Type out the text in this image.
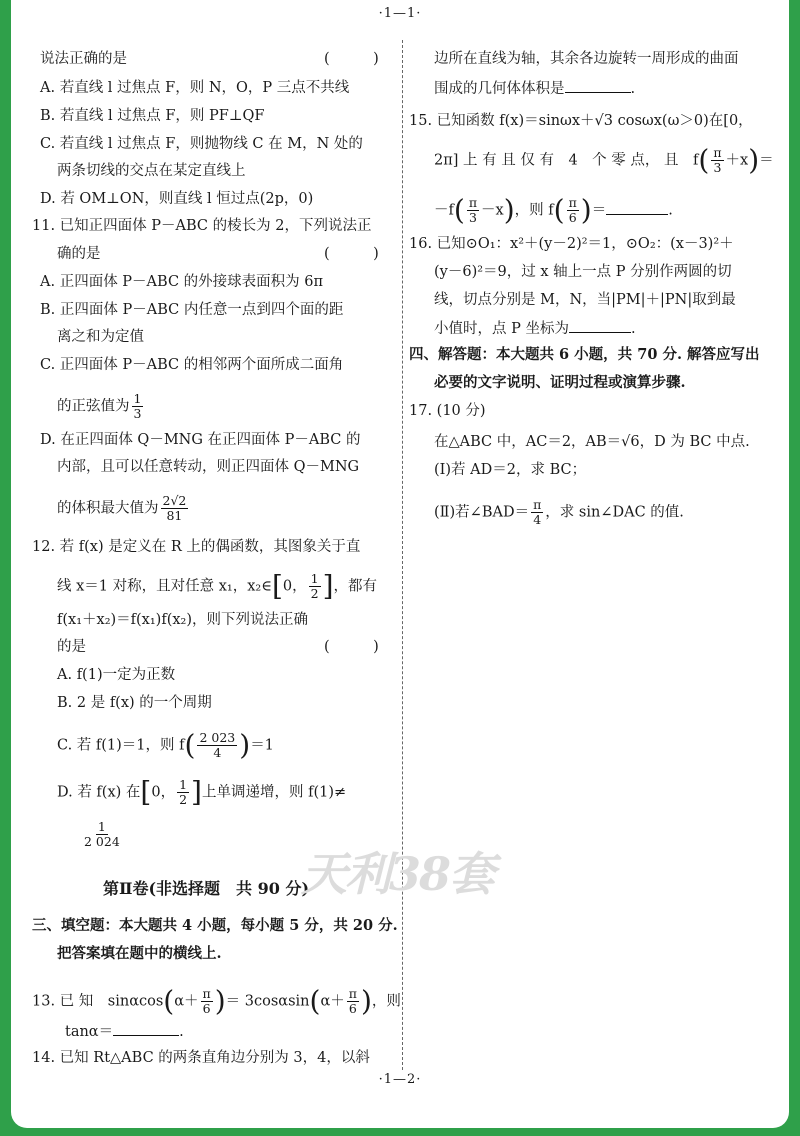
·1—1·
说法正确的是	(　　　)
A. 若直线 l 过焦点 F，则 N，O，P 三点不共线
B. 若直线 l 过焦点 F，则 PF⊥QF
C. 若直线 l 过焦点 F，则抛物线 C 在 M，N 处的
两条切线的交点在某定直线上
D. 若 OM⊥ON，则直线 l 恒过点(2p，0)
11. 已知正四面体 P－ABC 的棱长为 2，下列说法正
确的是	(　　　)
A. 正四面体 P－ABC 的外接球表面积为 6π
B. 正四面体 P－ABC 内任意一点到四个面的距
离之和为定值
C. 正四面体 P－ABC 的相邻两个面所成二面角
的正弦值为 $\frac{1}{3}$
D. 在正四面体 Q－MNG 在正四面体 P－ABC 的
内部，且可以任意转动，则正四面体 Q－MNG
的体积最大值为 $\frac{2√2}{81}$
12. 若 f(x) 是定义在 R 上的偶函数，其图象关于直
线 x＝1 对称，且对任意 x₁，x₂∈[0， $\frac{1}{2}$ ]，都有
f(x₁＋x₂)＝f(x₁)f(x₂)，则下列说法正确
的是	(　　　)
A. f(1)一定为正数
B. 2 是 f(x) 的一个周期
C. 若 f(1)＝1，则 $f( \frac{2 023}{4} )=1$
D. 若 f(x) 在[0， $\frac{1}{2}$ ]上单调递增，则 f(1)≠
$\frac{1}{2 024}$
第Ⅱ卷(非选择题　共 90 分)
三、填空题：本大题共 4 小题，每小题 5 分，共 20 分.
把答案填在题中的横线上.
13. 已 知　$\sin\alpha\cos(\alpha+ \frac{\pi}{6}$ )＝ $3\cos\alpha\sin(\alpha+ \frac{\pi}{6}$ )，则
tanα＝	.
14. 已知 Rt△ABC 的两条直角边分别为 3，4，以斜
边所在直线为轴，其余各边旋转一周形成的曲面
围成的几何体体积是	.
15. 已知函数 f(x)＝sinωx＋√3 cosωx(ω＞0)在[0，
2π] 上 有 且 仅 有　4　个 零 点， 且　$f( \frac{\pi}{3} +x)=$
$-f( \frac{\pi}{3} -x)$，则 $f( \frac{\pi}{6}$ )＝	.
16. 已知⊙O₁：x²＋(y－2)²＝1，⊙O₂：(x－3)²＋
(y－6)²＝9，过 x 轴上一点 P 分别作两圆的切
线，切点分别是 M，N，当|PM|＋|PN|取到最
小值时，点 P 坐标为	.
四、解答题：本大题共 6 小题，共 70 分. 解答应写出
必要的文字说明、证明过程或演算步骤.
17. (10 分)
在△ABC 中，AC＝2，AB＝√6，D 为 BC 中点.
(Ⅰ)若 AD＝2，求 BC；
(Ⅱ)若∠BAD＝ $\frac{\pi}{4}$ ，求 sin∠DAC 的值.
天利38套
·1—2·
